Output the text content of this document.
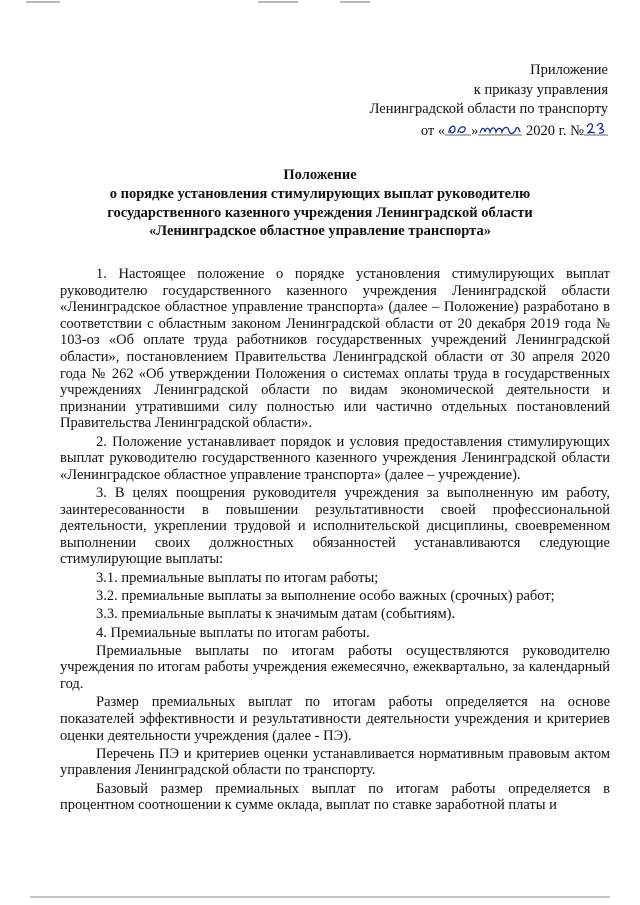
Приложение
к приказу управления
Ленинградской области по транспорту
от « »	2020 г. №
Положение
о порядке установления стимулирующих выплат руководителю
государственного казенного учреждения Ленинградской области
«Ленинградское областное управление транспорта»

1. Настоящее положение о порядке установления стимулирующих выплат руководителю государственного казенного учреждения Ленинградской области «Ленинградское областное управление транспорта» (далее – Положение) разработано в соответствии с областным законом Ленинградской области от 20 декабря 2019 года № 103-оз «Об оплате труда работников государственных учреждений Ленинградской области», постановлением Правительства Ленинградской области от 30 апреля 2020 года № 262 «Об утверждении Положения о системах оплаты труда в государственных учреждениях Ленинградской области по видам экономической деятельности и признании утратившими силу полностью или частично отдельных постановлений Правительства Ленинградской области».

2. Положение устанавливает порядок и условия предоставления стимулирующих выплат руководителю государственного казенного учреждения Ленинградской области «Ленинградское областное управление транспорта» (далее – учреждение).

3. В целях поощрения руководителя учреждения за выполненную им работу, заинтересованности в повышении результативности своей профессиональной деятельности, укреплении трудовой и исполнительской дисциплины, своевременном выполнении своих должностных обязанностей устанавливаются следующие стимулирующие выплаты:

3.1. премиальные выплаты по итогам работы;

3.2. премиальные выплаты за выполнение особо важных (срочных) работ;

3.3. премиальные выплаты к значимым датам (событиям).

4. Премиальные выплаты по итогам работы.

Премиальные выплаты по итогам работы осуществляются руководителю учреждения по итогам работы учреждения ежемесячно, ежеквартально, за календарный год.

Размер премиальных выплат по итогам работы определяется на основе показателей эффективности и результативности деятельности учреждения и критериев оценки деятельности учреждения (далее - ПЭ).

Перечень ПЭ и критериев оценки устанавливается нормативным правовым актом управления Ленинградской области по транспорту.

Базовый размер премиальных выплат по итогам работы определяется в процентном соотношении к сумме оклада, выплат по ставке заработной платы и
